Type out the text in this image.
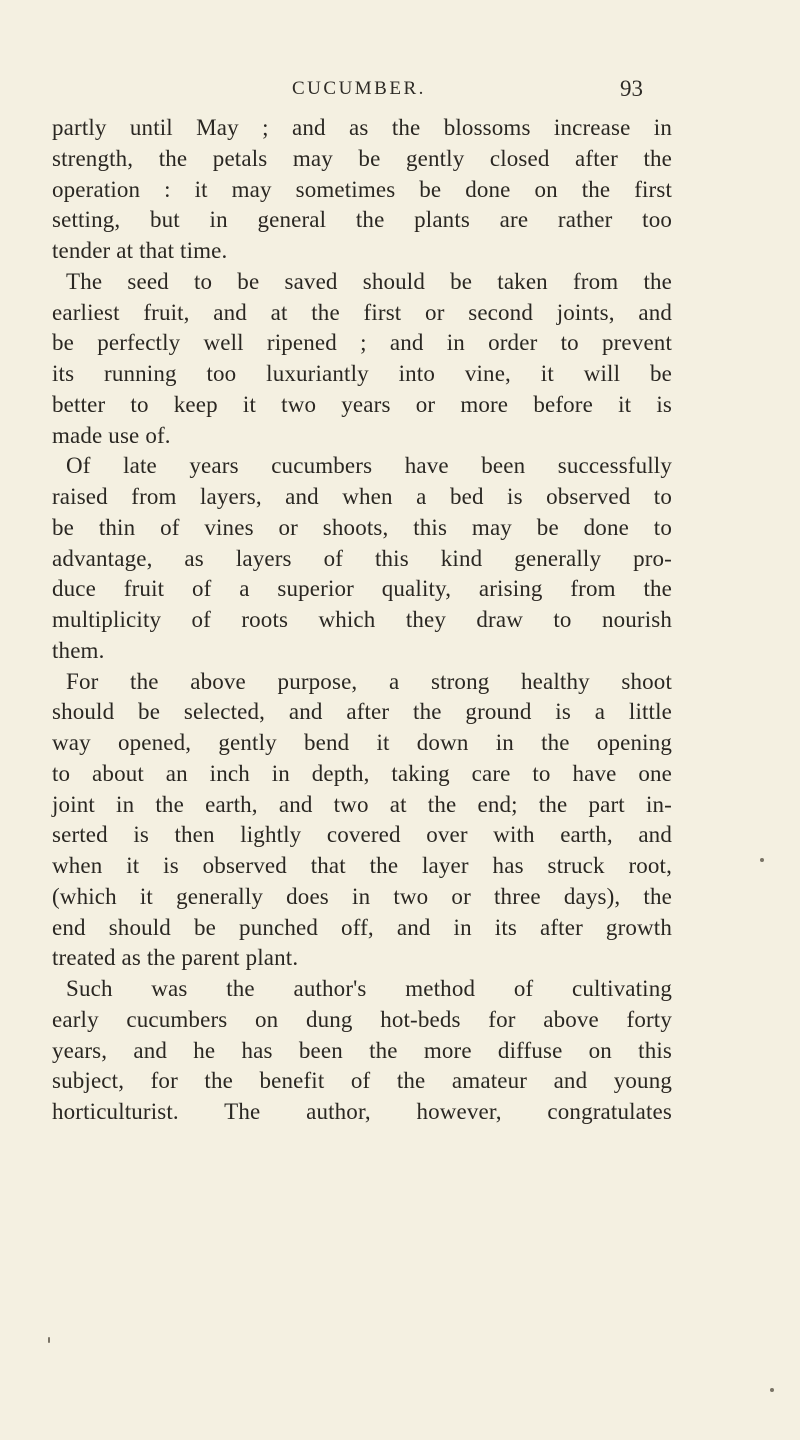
CUCUMBER.	93
partly until May ; and as the blossoms increase in
strength, the petals may be gently closed after the
operation : it may sometimes be done on the first
setting, but in general the plants are rather too
tender at that time.
The seed to be saved should be taken from the
earliest fruit, and at the first or second joints, and
be perfectly well ripened ; and in order to prevent
its running too luxuriantly into vine, it will be
better to keep it two years or more before it is
made use of.
Of late years cucumbers have been successfully
raised from layers, and when a bed is observed to
be thin of vines or shoots, this may be done to
advantage, as layers of this kind generally pro-
duce fruit of a superior quality, arising from the
multiplicity of roots which they draw to nourish
them.
For the above purpose, a strong healthy shoot
should be selected, and after the ground is a little
way opened, gently bend it down in the opening
to about an inch in depth, taking care to have one
joint in the earth, and two at the end; the part in-
serted is then lightly covered over with earth, and
when it is observed that the layer has struck root,
(which it generally does in two or three days), the
end should be punched off, and in its after growth
treated as the parent plant.
Such was the author's method of cultivating
early cucumbers on dung hot-beds for above forty
years, and he has been the more diffuse on this
subject, for the benefit of the amateur and young
horticulturist. The author, however, congratulates
